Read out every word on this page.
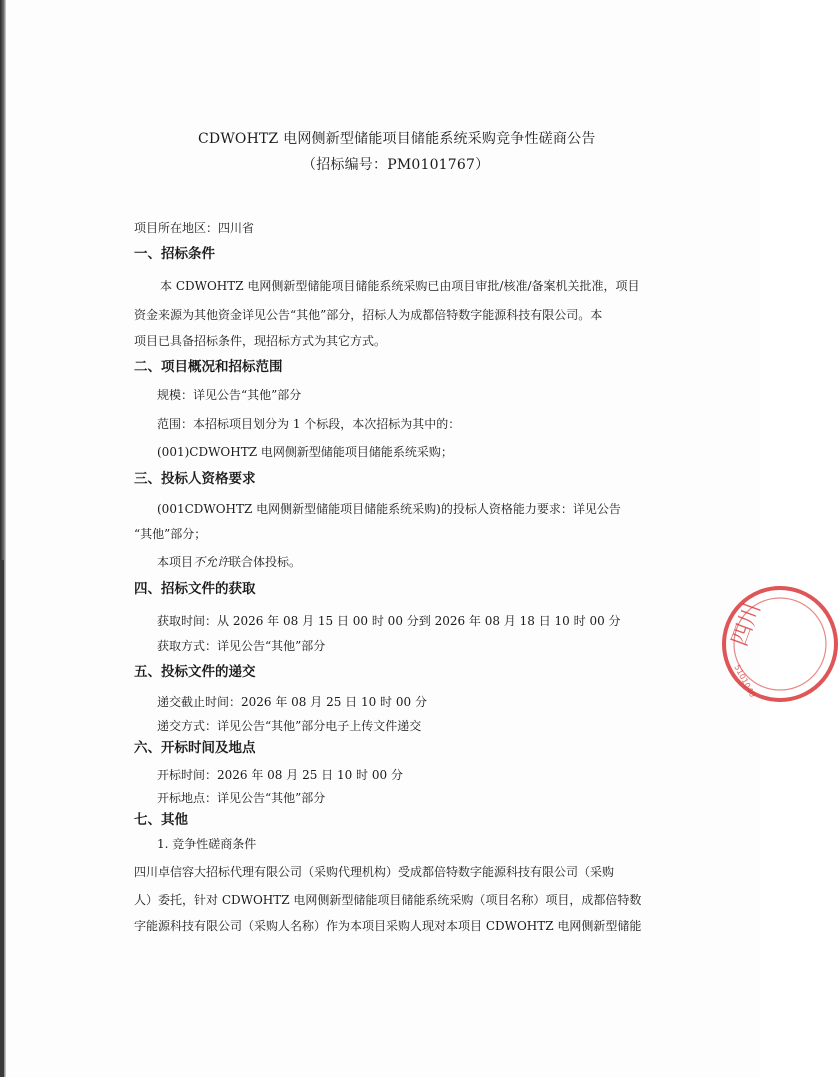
CDWOHTZ 电网侧新型储能项目储能系统采购竞争性磋商公告
（招标编号：PM0101767）
项目所在地区：四川省
一、招标条件
本 CDWOHTZ 电网侧新型储能项目储能系统采购已由项目审批/核准/备案机关批准，项目
资金来源为其他资金详见公告“其他”部分，招标人为成都倍特数字能源科技有限公司。本
项目已具备招标条件，现招标方式为其它方式。
二、项目概况和招标范围
规模：详见公告“其他”部分
范围：本招标项目划分为 1 个标段，本次招标为其中的：
(001)CDWOHTZ 电网侧新型储能项目储能系统采购；
三、投标人资格要求
(001CDWOHTZ 电网侧新型储能项目储能系统采购)的投标人资格能力要求：详见公告
“其他”部分；
本项目不允许联合体投标。
四、招标文件的获取
获取时间：从 2026 年 08 月 15 日 00 时 00 分到 2026 年 08 月 18 日 10 时 00 分
获取方式：详见公告“其他”部分
五、投标文件的递交
递交截止时间：2026 年 08 月 25 日 10 时 00 分
递交方式：详见公告“其他”部分电子上传文件递交
六、开标时间及地点
开标时间：2026 年 08 月 25 日 10 时 00 分
开标地点：详见公告“其他”部分
七、其他
1. 竞争性磋商条件
四川卓信容大招标代理有限公司（采购代理机构）受成都倍特数字能源科技有限公司（采购
人）委托，针对 CDWOHTZ 电网侧新型储能项目储能系统采购（项目名称）项目，成都倍特数
字能源科技有限公司（采购人名称）作为本项目采购人现对本项目 CDWOHTZ 电网侧新型储能
四川
5101040
